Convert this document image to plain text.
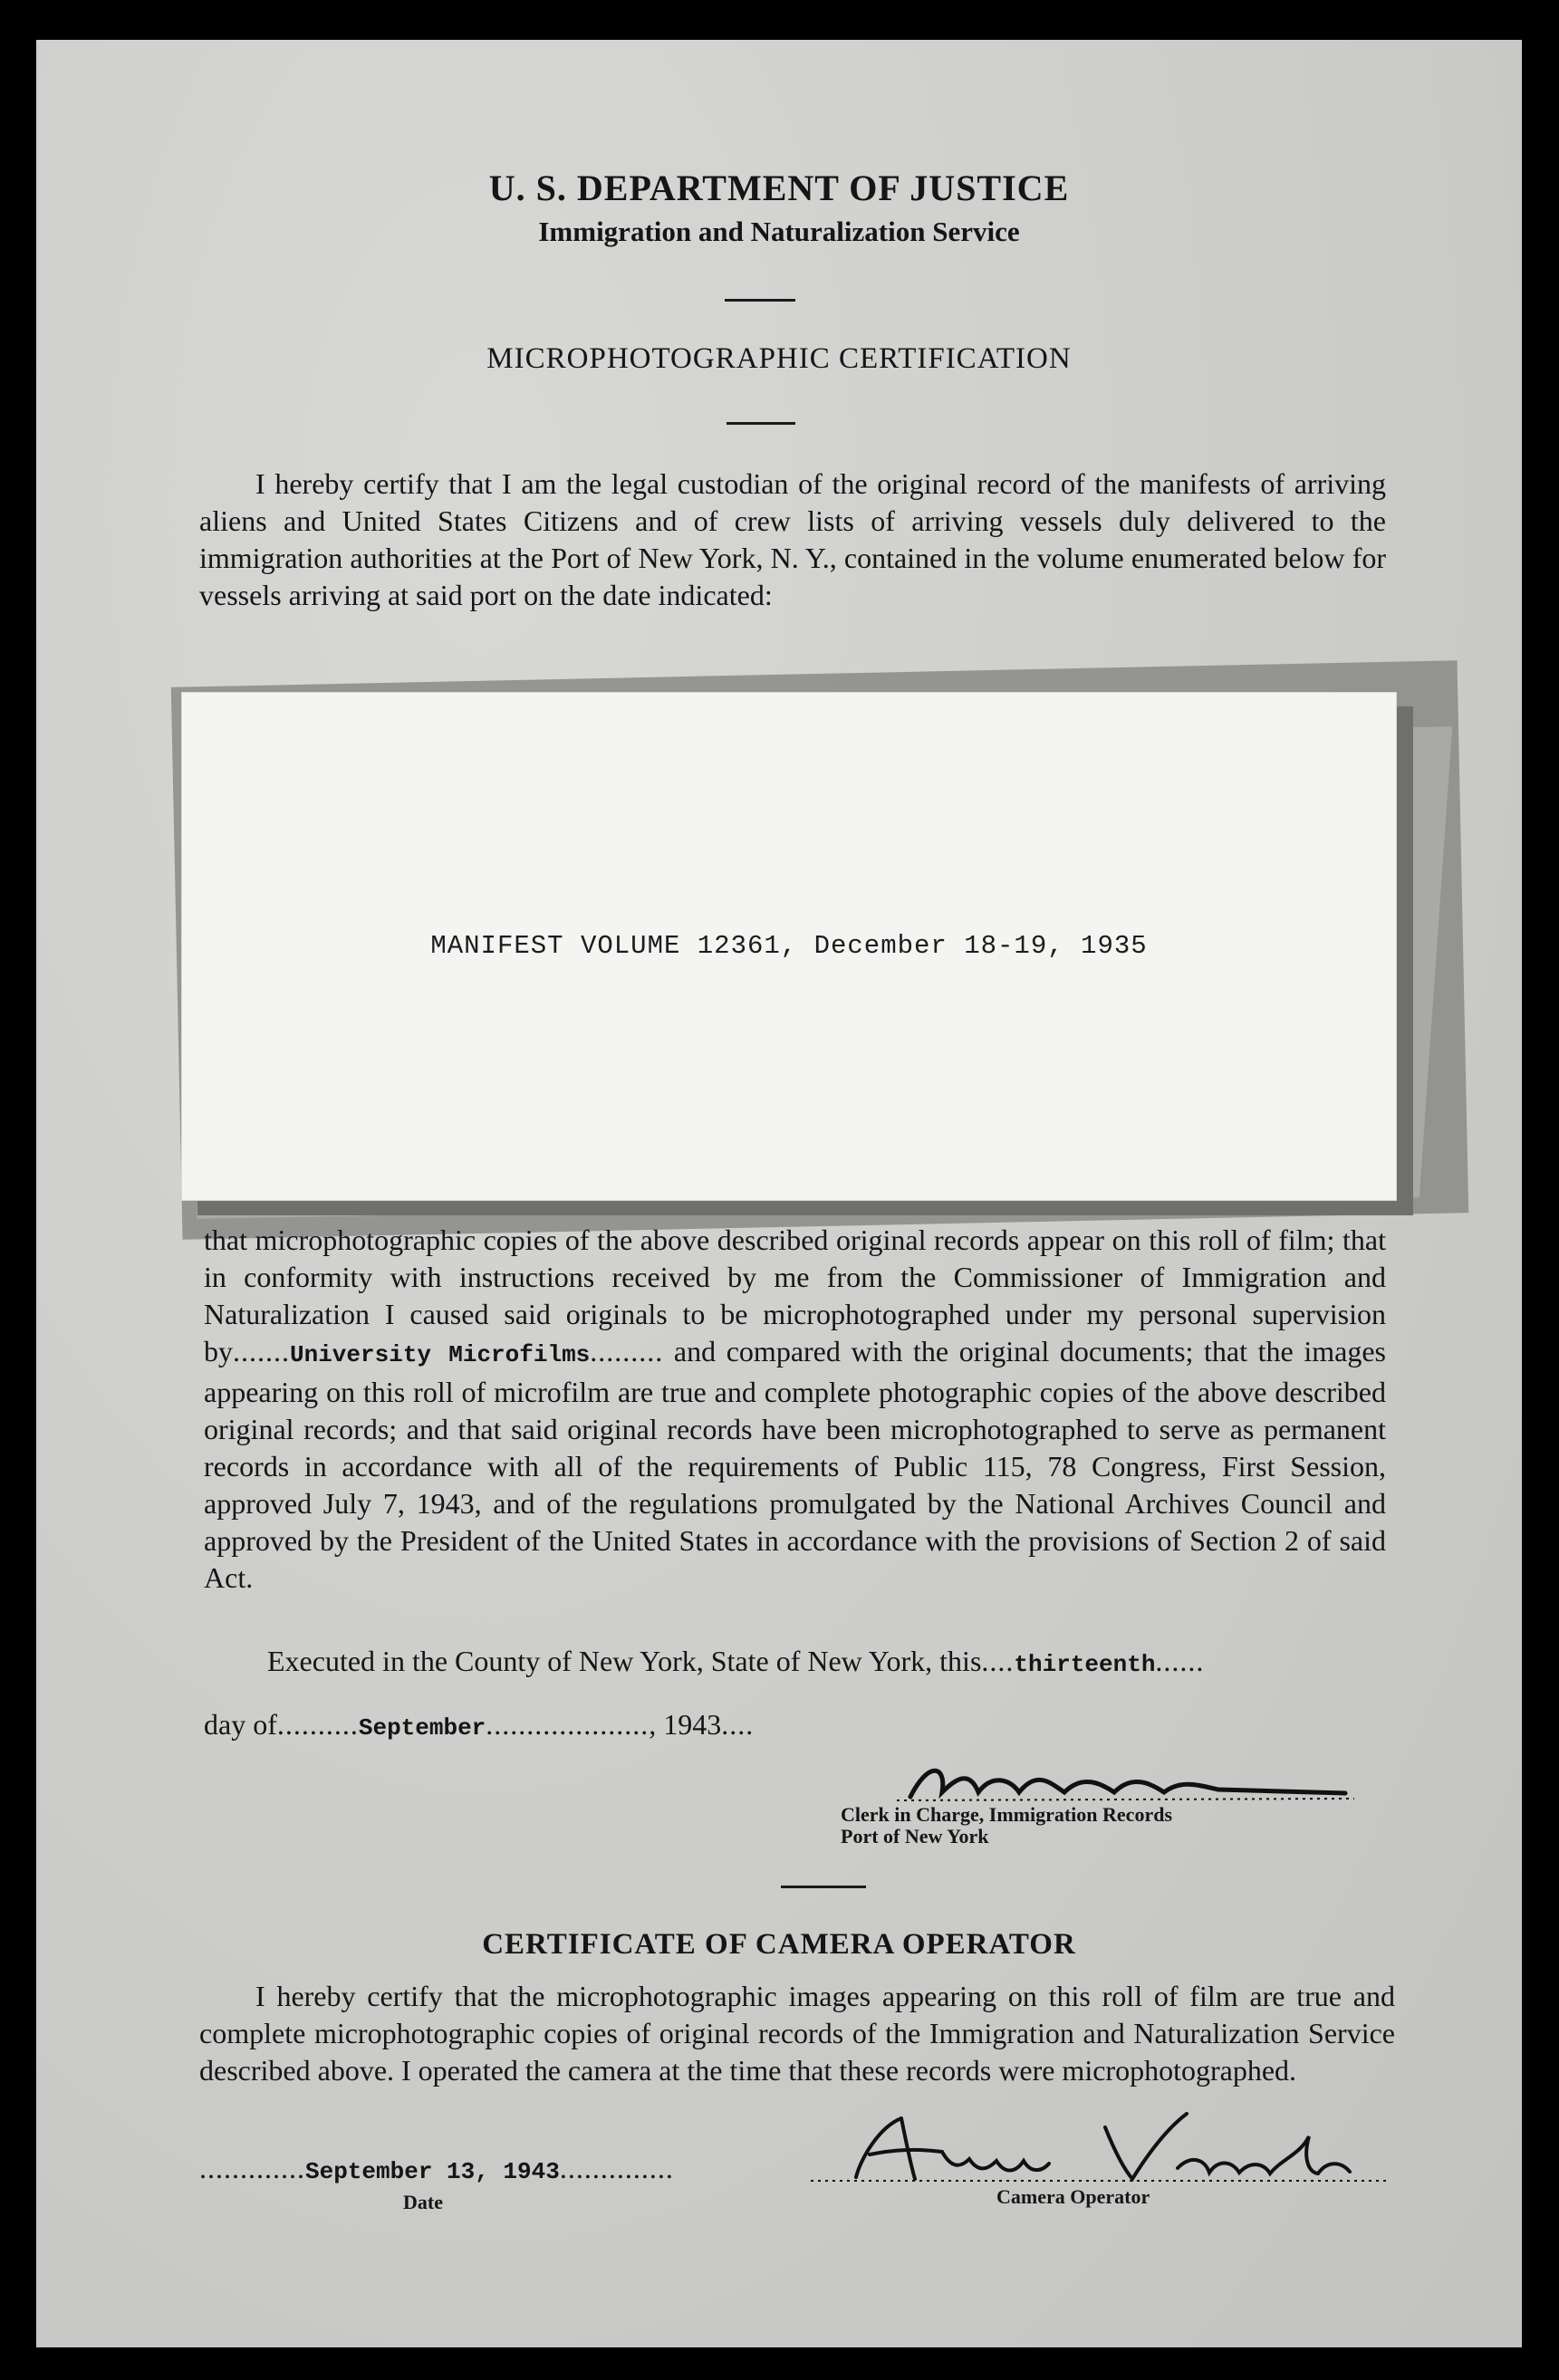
U. S. DEPARTMENT OF JUSTICE
Immigration and Naturalization Service
MICROPHOTOGRAPHIC CERTIFICATION
I hereby certify that I am the legal custodian of the original record of the manifests of arriving aliens and United States Citizens and of crew lists of arriving vessels duly delivered to the immigration authorities at the Port of New York, N. Y., contained in the volume enumerated below for vessels arriving at said port on the date indicated:
MANIFEST VOLUME 12361, December 18-19, 1935
that microphotographic copies of the above described original records appear on this roll of film; that in conformity with instructions received by me from the Commissioner of Immigration and Naturalization I caused said originals to be microphotographed under my personal supervision by.......University Microfilms......... and compared with the original documents; that the images appearing on this roll of microfilm are true and complete photographic copies of the above described original records; and that said original records have been microphotographed to serve as permanent records in accordance with all of the requirements of Public 115, 78 Congress, First Session, approved July 7, 1943, and of the regulations promulgated by the National Archives Council and approved by the President of the United States in accordance with the provisions of Section 2 of said Act.
Executed in the County of New York, State of New York, this....thirteenth......
day of..........September...................., 1943....
Clerk in Charge, Immigration Records
Port of New York
CERTIFICATE OF CAMERA OPERATOR
I hereby certify that the microphotographic images appearing on this roll of film are true and complete microphotographic copies of original records of the Immigration and Naturalization Service described above. I operated the camera at the time that these records were microphotographed.
.............September 13, 1943..............
Date	Camera Operator
